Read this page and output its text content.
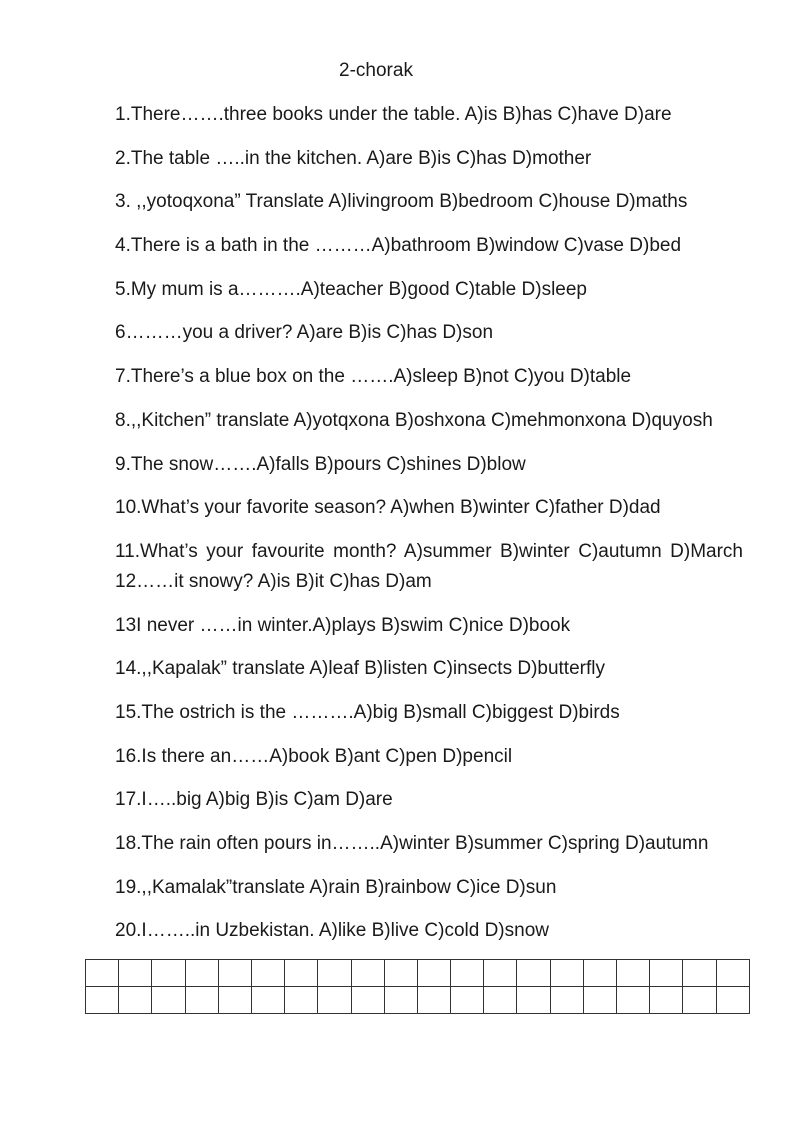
2-chorak
1.There…….three books under the table. A)is B)has C)have D)are
2.The table …..in the kitchen. A)are B)is C)has D)mother
3. ,,yotoqxona” Translate A)livingroom B)bedroom C)house D)maths
4.There is a bath in the ………A)bathroom B)window C)vase D)bed
5.My mum is a……….A)teacher B)good C)table D)sleep
6………you a driver? A)are B)is C)has D)son
7.There’s a blue box on the …….A)sleep B)not C)you D)table
8.,,Kitchen” translate A)yotqxona B)oshxona C)mehmonxona D)quyosh
9.The snow…….A)falls B)pours C)shines D)blow
10.What’s your favorite season? A)when B)winter C)father D)dad
11.What’s your favourite month? A)summer B)winter C)autumn D)March 12……it snowy? A)is B)it C)has D)am
13I never ……in winter.A)plays B)swim C)nice D)book
14.,,Kapalak” translate A)leaf B)listen C)insects D)butterfly
15.The ostrich is the ……….A)big B)small C)biggest D)birds
16.Is there an……A)book B)ant C)pen D)pencil
17.I…..big A)big B)is C)am D)are
18.The rain often pours in……..A)winter B)summer C)spring D)autumn
19.,,Kamalak”translate A)rain B)rainbow C)ice D)sun
20.I……..in Uzbekistan. A)like B)live C)cold D)snow
